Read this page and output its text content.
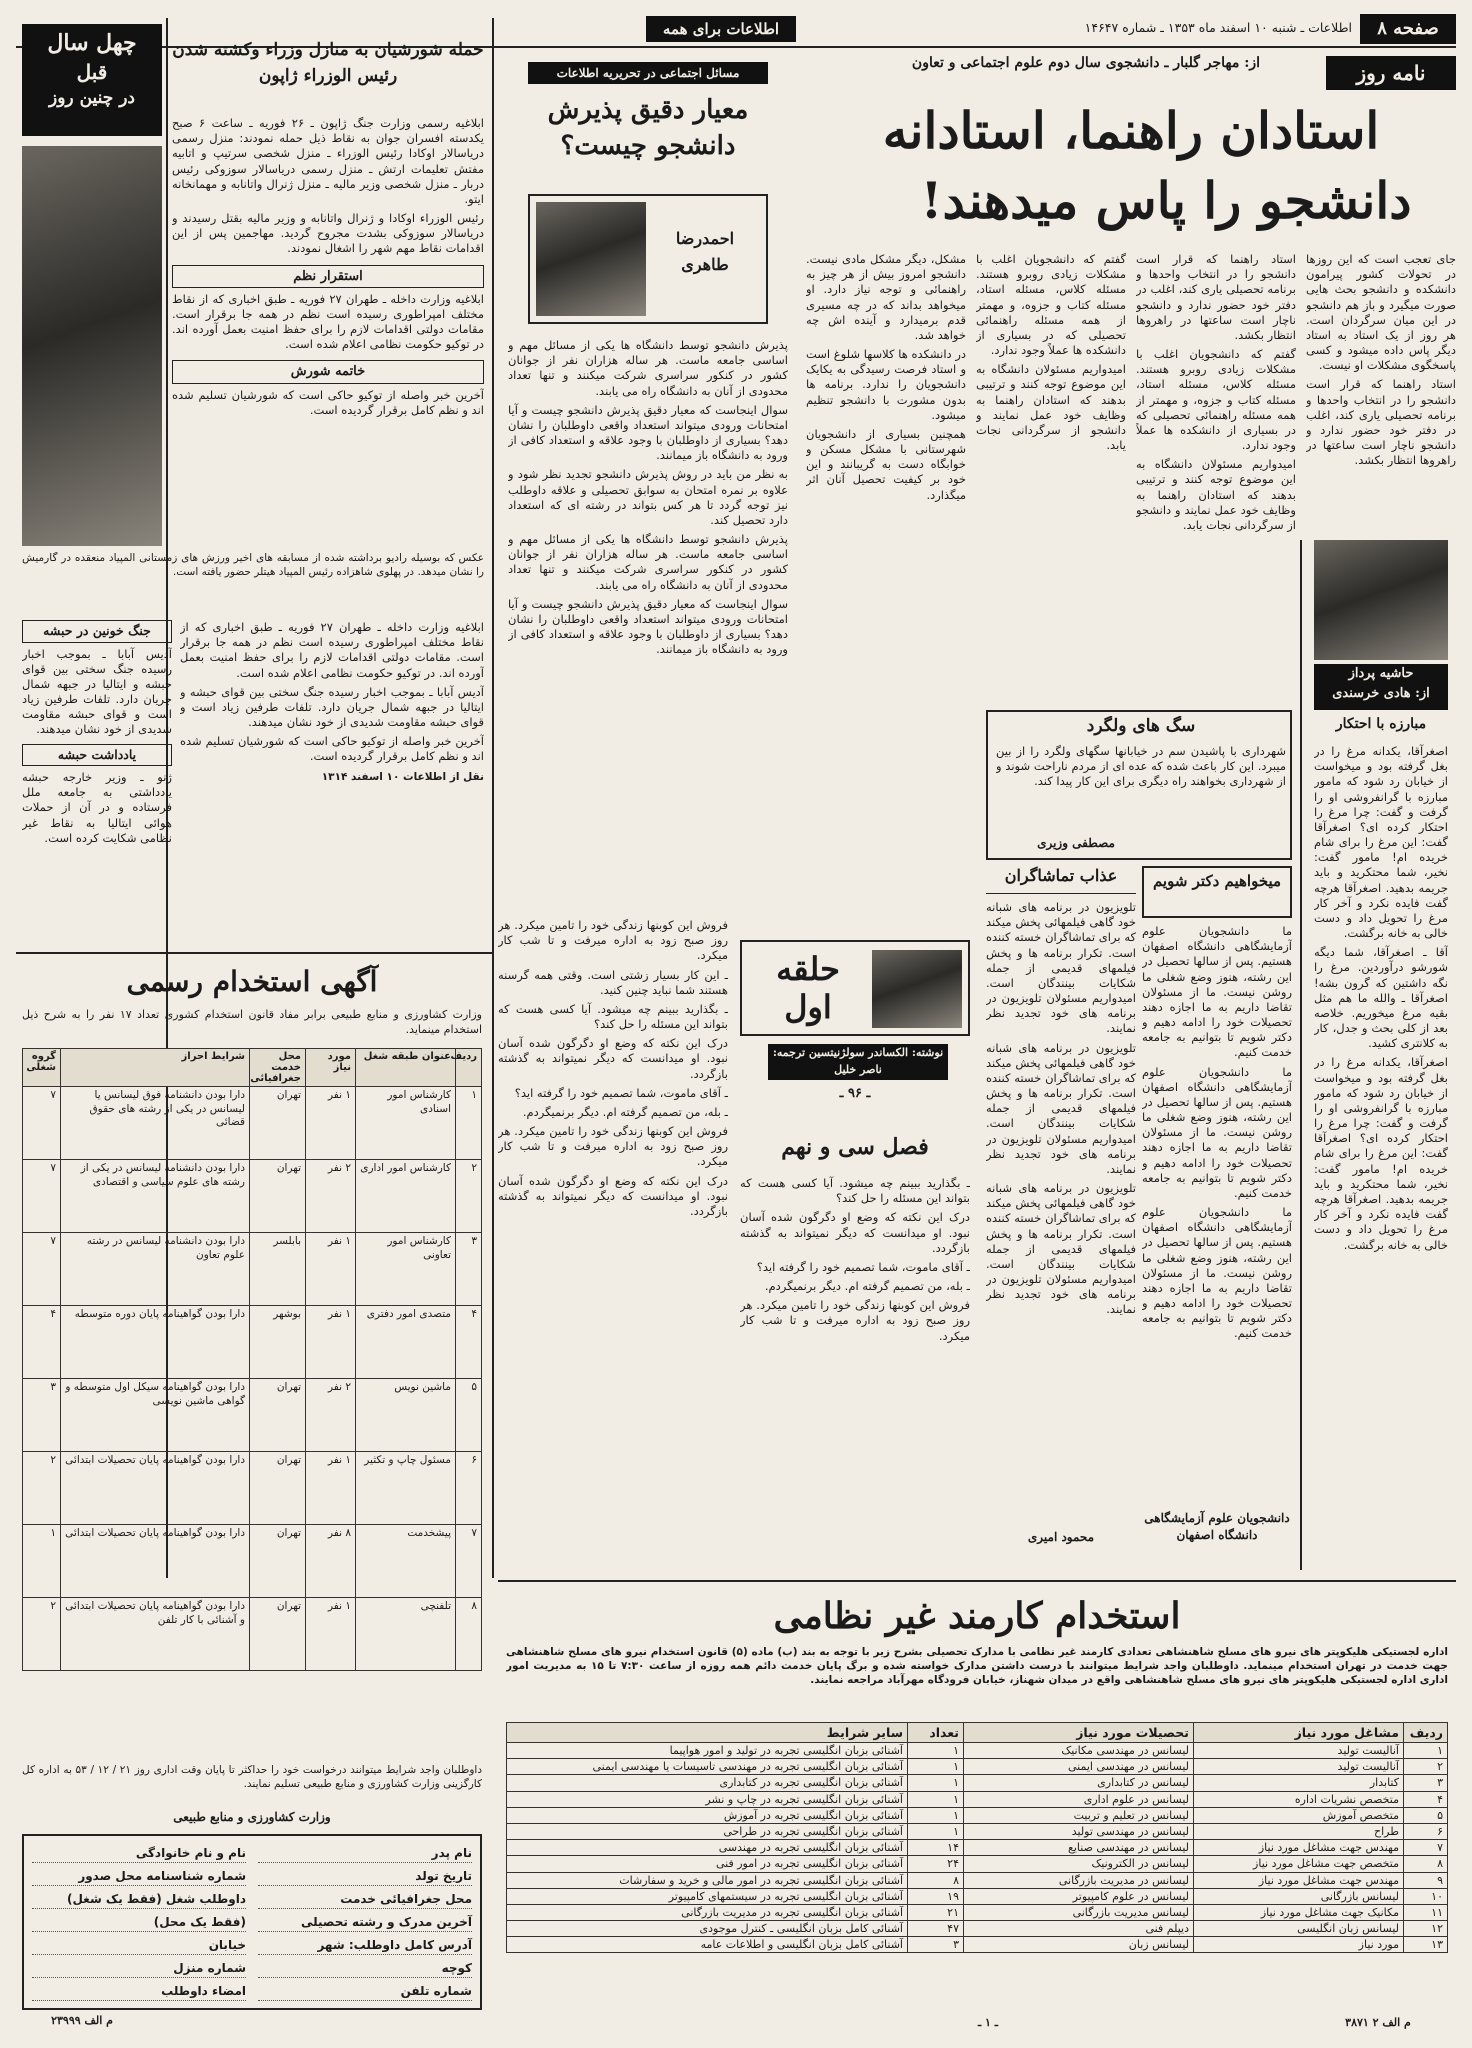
صفحه ۸
اطلاعات ـ شنبه ۱۰ اسفند ماه ۱۳۵۳ ـ شماره ۱۴۶۴۷
اطلاعات برای همه
چهل سال
قبل
در چنین روز
حمله شورشیان به منازل وزراء وکشته شدن رئیس الوزراء ژاپون

ابلاغیه رسمی وزارت جنگ ژاپون ـ ۲۶ فوریه ـ ساعت ۶ صبح یکدسته افسران جوان به نقاط ذیل حمله نمودند: منزل رسمی دریاسالار اوکادا رئیس الوزراء ـ منزل شخصی سرتیپ و اتابیه مفتش تعلیمات ارتش ـ منزل رسمی دریاسالار سوزوکی رئیس دربار ـ منزل شخصی وزیر مالیه ـ منزل ژنرال واتانابه و مهمانخانه ایتو.

رئیس الوزراء اوکادا و ژنرال واتانابه و وزیر مالیه بقتل رسیدند و دریاسالار سوزوکی بشدت مجروح گردید. مهاجمین پس از این اقدامات نقاط مهم شهر را اشغال نمودند.

استقرار نظم

ابلاغیه وزارت داخله ـ طهران ۲۷ فوریه ـ طبق اخباری که از نقاط مختلف امپراطوری رسیده است نظم در همه جا برقرار است. مقامات دولتی اقدامات لازم را برای حفظ امنیت بعمل آورده اند. در توکیو حکومت نظامی اعلام شده است.

خاتمه شورش

آخرین خبر واصله از توکیو حاکی است که شورشیان تسلیم شده اند و نظم کامل برقرار گردیده است.

عکس که بوسیله رادیو برداشته شده از مسابقه های اخیر ورزش های زمستانی المپیاد منعقده در گارمیش را نشان میدهد. در پهلوی شاهزاده رئیس المپیاد هیتلر حضور یافته است.
جنگ خونین در حبشه

آدیس آبابا ـ بموجب اخبار رسیده جنگ سختی بین قوای حبشه و ایتالیا در جبهه شمال جریان دارد. تلفات طرفین زیاد است و قوای حبشه مقاومت شدیدی از خود نشان میدهند.

یادداشت حبشه

ژنو ـ وزیر خارجه حبشه یادداشتی به جامعه ملل فرستاده و در آن از حملات هوائی ایتالیا به نقاط غیر نظامی شکایت کرده است.

ابلاغیه وزارت داخله ـ طهران ۲۷ فوریه ـ طبق اخباری که از نقاط مختلف امپراطوری رسیده است نظم در همه جا برقرار است. مقامات دولتی اقدامات لازم را برای حفظ امنیت بعمل آورده اند. در توکیو حکومت نظامی اعلام شده است.

آدیس آبابا ـ بموجب اخبار رسیده جنگ سختی بین قوای حبشه و ایتالیا در جبهه شمال جریان دارد. تلفات طرفین زیاد است و قوای حبشه مقاومت شدیدی از خود نشان میدهند.

آخرین خبر واصله از توکیو حاکی است که شورشیان تسلیم شده اند و نظم کامل برقرار گردیده است.

نقل از اطلاعات ۱۰ اسفند ۱۳۱۴
مسائل اجتماعی در تحریریه اطلاعات
معیار دقیق پذیرش دانشجو چیست؟
احمدرضا طاهری

پذیرش دانشجو توسط دانشگاه ها یکی از مسائل مهم و اساسی جامعه ماست. هر ساله هزاران نفر از جوانان کشور در کنکور سراسری شرکت میکنند و تنها تعداد محدودی از آنان به دانشگاه راه می یابند.

سوال اینجاست که معیار دقیق پذیرش دانشجو چیست و آیا امتحانات ورودی میتواند استعداد واقعی داوطلبان را نشان دهد؟ بسیاری از داوطلبان با وجود علاقه و استعداد کافی از ورود به دانشگاه باز میمانند.

به نظر من باید در روش پذیرش دانشجو تجدید نظر شود و علاوه بر نمره امتحان به سوابق تحصیلی و علاقه داوطلب نیز توجه گردد تا هر کس بتواند در رشته ای که استعداد دارد تحصیل کند.

پذیرش دانشجو توسط دانشگاه ها یکی از مسائل مهم و اساسی جامعه ماست. هر ساله هزاران نفر از جوانان کشور در کنکور سراسری شرکت میکنند و تنها تعداد محدودی از آنان به دانشگاه راه می یابند.

سوال اینجاست که معیار دقیق پذیرش دانشجو چیست و آیا امتحانات ورودی میتواند استعداد واقعی داوطلبان را نشان دهد؟ بسیاری از داوطلبان با وجود علاقه و استعداد کافی از ورود به دانشگاه باز میمانند.

نامه روز
از: مهاجر گلبار ـ دانشجوی سال دوم علوم اجتماعی و تعاون
استادان راهنما، استادانه
دانشجو را پاس میدهند!

جای تعجب است که این روزها در تحولات کشور پیرامون دانشکده و دانشجو بحث هایی صورت میگیرد و باز هم دانشجو در این میان سرگردان است. هر روز از یک استاد به استاد دیگر پاس داده میشود و کسی پاسخگوی مشکلات او نیست.

استاد راهنما که قرار است دانشجو را در انتخاب واحدها و برنامه تحصیلی یاری کند، اغلب در دفتر خود حضور ندارد و دانشجو ناچار است ساعتها در راهروها انتظار بکشد.

استاد راهنما که قرار است دانشجو را در انتخاب واحدها و برنامه تحصیلی یاری کند، اغلب در دفتر خود حضور ندارد و دانشجو ناچار است ساعتها در راهروها انتظار بکشد.

گفتم که دانشجویان اغلب با مشکلات زیادی روبرو هستند. مسئله کلاس، مسئله استاد، مسئله کتاب و جزوه، و مهمتر از همه مسئله راهنمائی تحصیلی که در بسیاری از دانشکده ها عملاً وجود ندارد.

امیدواریم مسئولان دانشگاه به این موضوع توجه کنند و ترتیبی بدهند که استادان راهنما به وظایف خود عمل نمایند و دانشجو از سرگردانی نجات یابد.

گفتم که دانشجویان اغلب با مشکلات زیادی روبرو هستند. مسئله کلاس، مسئله استاد، مسئله کتاب و جزوه، و مهمتر از همه مسئله راهنمائی تحصیلی که در بسیاری از دانشکده ها عملاً وجود ندارد.

امیدواریم مسئولان دانشگاه به این موضوع توجه کنند و ترتیبی بدهند که استادان راهنما به وظایف خود عمل نمایند و دانشجو از سرگردانی نجات یابد.

مشکل، دیگر مشکل مادی نیست. دانشجو امروز بیش از هر چیز به راهنمائی و توجه نیاز دارد. او میخواهد بداند که در چه مسیری قدم برمیدارد و آینده اش چه خواهد شد.

در دانشکده ها کلاسها شلوغ است و استاد فرصت رسیدگی به یکایک دانشجویان را ندارد. برنامه ها بدون مشورت با دانشجو تنظیم میشود.

همچنین بسیاری از دانشجویان شهرستانی با مشکل مسکن و خوابگاه دست به گریبانند و این خود بر کیفیت تحصیل آنان اثر میگذارد.

حاشیه پرداز
از: هادی خرسندی
مبارزه با احتکار

اصغرآقا، یکدانه مرغ را در بغل گرفته بود و میخواست از خیابان رد شود که مامور مبارزه با گرانفروشی او را گرفت و گفت: چرا مرغ را احتکار کرده ای؟ اصغرآقا گفت: این مرغ را برای شام خریده ام! مامور گفت: نخیر، شما محتکرید و باید جریمه بدهید. اصغرآقا هرچه گفت فایده نکرد و آخر کار مرغ را تحویل داد و دست خالی به خانه برگشت.

آقا ـ اصغرآقا، شما دیگه شورشو درآوردین. مرغ را نگه داشتین که گرون بشه! اصغرآقا ـ والله ما هم مثل بقیه مرغ میخوریم. خلاصه بعد از کلی بحث و جدل، کار به کلانتری کشید.

اصغرآقا، یکدانه مرغ را در بغل گرفته بود و میخواست از خیابان رد شود که مامور مبارزه با گرانفروشی او را گرفت و گفت: چرا مرغ را احتکار کرده ای؟ اصغرآقا گفت: این مرغ را برای شام خریده ام! مامور گفت: نخیر، شما محتکرید و باید جریمه بدهید. اصغرآقا هرچه گفت فایده نکرد و آخر کار مرغ را تحویل داد و دست خالی به خانه برگشت.

سگ های ولگرد
شهرداری با پاشیدن سم در خیابانها سگهای ولگرد را از بین میبرد. این کار باعث شده که عده ای از مردم ناراحت شوند و از شهرداری بخواهند راه دیگری برای این کار پیدا کند.
مصطفی وزیری
عذاب تماشاگران

تلویزیون در برنامه های شبانه خود گاهی فیلمهائی پخش میکند که برای تماشاگران خسته کننده است. تکرار برنامه ها و پخش فیلمهای قدیمی از جمله شکایات بینندگان است. امیدواریم مسئولان تلویزیون در برنامه های خود تجدید نظر نمایند.

تلویزیون در برنامه های شبانه خود گاهی فیلمهائی پخش میکند که برای تماشاگران خسته کننده است. تکرار برنامه ها و پخش فیلمهای قدیمی از جمله شکایات بینندگان است. امیدواریم مسئولان تلویزیون در برنامه های خود تجدید نظر نمایند.

تلویزیون در برنامه های شبانه خود گاهی فیلمهائی پخش میکند که برای تماشاگران خسته کننده است. تکرار برنامه ها و پخش فیلمهای قدیمی از جمله شکایات بینندگان است. امیدواریم مسئولان تلویزیون در برنامه های خود تجدید نظر نمایند.

محمود امیری
میخواهیم دکتر شویم

ما دانشجویان علوم آزمایشگاهی دانشگاه اصفهان هستیم. پس از سالها تحصیل در این رشته، هنوز وضع شغلی ما روشن نیست. ما از مسئولان تقاضا داریم به ما اجازه دهند تحصیلات خود را ادامه دهیم و دکتر شویم تا بتوانیم به جامعه خدمت کنیم.

ما دانشجویان علوم آزمایشگاهی دانشگاه اصفهان هستیم. پس از سالها تحصیل در این رشته، هنوز وضع شغلی ما روشن نیست. ما از مسئولان تقاضا داریم به ما اجازه دهند تحصیلات خود را ادامه دهیم و دکتر شویم تا بتوانیم به جامعه خدمت کنیم.

ما دانشجویان علوم آزمایشگاهی دانشگاه اصفهان هستیم. پس از سالها تحصیل در این رشته، هنوز وضع شغلی ما روشن نیست. ما از مسئولان تقاضا داریم به ما اجازه دهند تحصیلات خود را ادامه دهیم و دکتر شویم تا بتوانیم به جامعه خدمت کنیم.

دانشجویان علوم آزمایشگاهی دانشگاه اصفهان

فروش این کوبنها زندگی خود را تامین میکرد. هر روز صبح زود به اداره میرفت و تا شب کار میکرد.

ـ این کار بسیار زشتی است. وقتی همه گرسنه هستند شما نباید چنین کنید.

ـ بگذارید ببینم چه میشود. آیا کسی هست که بتواند این مسئله را حل کند؟

درک این نکته که وضع او دگرگون شده آسان نبود. او میدانست که دیگر نمیتواند به گذشته بازگردد.

ـ آقای ماموت، شما تصمیم خود را گرفته اید؟

ـ بله، من تصمیم گرفته ام. دیگر برنمیگردم.

فروش این کوبنها زندگی خود را تامین میکرد. هر روز صبح زود به اداره میرفت و تا شب کار میکرد.

درک این نکته که وضع او دگرگون شده آسان نبود. او میدانست که دیگر نمیتواند به گذشته بازگردد.

حلقه اول
نوشته: الکساندر سولژنیتسین ترجمه: ناصر خلیل
ـ ۹۶ ـ
فصل سی و نهم

ـ بگذارید ببینم چه میشود. آیا کسی هست که بتواند این مسئله را حل کند؟

درک این نکته که وضع او دگرگون شده آسان نبود. او میدانست که دیگر نمیتواند به گذشته بازگردد.

ـ آقای ماموت، شما تصمیم خود را گرفته اید؟

ـ بله، من تصمیم گرفته ام. دیگر برنمیگردم.

فروش این کوبنها زندگی خود را تامین میکرد. هر روز صبح زود به اداره میرفت و تا شب کار میکرد.

آگهی استخدام رسمی
وزارت کشاورزی و منابع طبیعی برابر مفاد قانون استخدام کشوری تعداد ۱۷ نفر را به شرح ذیل استخدام مینماید.
ردیف	عنوان طبقه شغل	مورد نیاز	محل خدمت جغرافیائی	شرایط احراز	گروه شغلی
۱	کارشناس امور اسنادی	۱ نفر	تهران	دارا بودن دانشنامه فوق لیسانس یا لیسانس در یکی از رشته های حقوق قضائی	۷
۲	کارشناس امور اداری	۲ نفر	تهران	دارا بودن دانشنامه لیسانس در یکی از رشته های علوم سیاسی و اقتصادی	۷
۳	کارشناس امور تعاونی	۱ نفر	بابلسر	دارا بودن دانشنامه لیسانس در رشته علوم تعاون	۷
۴	متصدی امور دفتری	۱ نفر	بوشهر	دارا بودن گواهینامه پایان دوره متوسطه	۴
۵	ماشین نویس	۲ نفر	تهران	دارا بودن گواهینامه سیکل اول متوسطه و گواهی ماشین نویسی	۳
۶	مسئول چاپ و تکثیر	۱ نفر	تهران	دارا بودن گواهینامه پایان تحصیلات ابتدائی	۲
۷	پیشخدمت	۸ نفر	تهران	دارا بودن گواهینامه پایان تحصیلات ابتدائی	۱
۸	تلفنچی	۱ نفر	تهران	دارا بودن گواهینامه پایان تحصیلات ابتدائی و آشنائی با کار تلفن	۲
داوطلبان واجد شرایط میتوانند درخواست خود را حداکثر تا پایان وقت اداری روز ۲۱ / ۱۲ / ۵۳ به اداره کل کارگزینی وزارت کشاورزی و منابع طبیعی تسلیم نمایند.
وزارت کشاورزی و منابع طبیعی
نام پدر
نام و نام خانوادگی
تاریخ تولد
شماره شناسنامه محل صدور
محل جغرافیائی خدمت
داوطلب شغل (فقط یک شغل)
آخرین مدرک و رشته تحصیلی
(فقط یک محل)
آدرس کامل داوطلب: شهر
خیابان
کوچه
شماره منزل
شماره تلفن
امضاء داوطلب
م الف ۲۳۹۹۹
استخدام کارمند غیر نظامی
اداره لجستیکی هلیکوپتر های نیرو های مسلح شاهنشاهی تعدادی کارمند غیر نظامی با مدارک تحصیلی بشرح زیر با توجه به بند (ب) ماده (۵) قانون استخدام نیرو های مسلح شاهنشاهی جهت خدمت در تهران استخدام مینماید. داوطلبان واجد شرایط میتوانند با درست داشتن مدارک خواسته شده و برگ پایان خدمت دائم همه روزه از ساعت ۷:۳۰ تا ۱۵ به مدیریت امور اداری اداره لجستیکی هلیکوپتر های نیرو های مسلح شاهنشاهی واقع در میدان شهناز، خیابان فرودگاه مهرآباد مراجعه نمایند.
ردیف	مشاغل مورد نیاز	تحصیلات مورد نیاز	تعداد	سایر شرایط
۱	آنالیست تولید	لیسانس در مهندسی مکانیک	۱	آشنائی بزبان انگلیسی تجربه در تولید و امور هواپیما
۲	آنالیست تولید	لیسانس در مهندسی ایمنی	۱	آشنائی بزبان انگلیسی تجربه در مهندسی تاسیسات یا مهندسی ایمنی
۳	کتابدار	لیسانس در کتابداری	۱	آشنائی بزبان انگلیسی تجربه در کتابداری
۴	متخصص نشریات اداره	لیسانس در علوم اداری	۱	آشنائی بزبان انگلیسی تجربه در چاپ و نشر
۵	متخصص آموزش	لیسانس در تعلیم و تربیت	۱	آشنائی بزبان انگلیسی تجربه در آموزش
۶	طراح	لیسانس در مهندسی تولید	۱	آشنائی بزبان انگلیسی تجربه در طراحی
۷	مهندس جهت مشاغل مورد نیاز	لیسانس در مهندسی صنایع	۱۴	آشنائی بزبان انگلیسی تجربه در مهندسی
۸	متخصص جهت مشاغل مورد نیاز	لیسانس در الکترونیک	۲۴	آشنائی بزبان انگلیسی تجربه در امور فنی
۹	مهندس جهت مشاغل مورد نیاز	لیسانس در مدیریت بازرگانی	۸	آشنائی بزبان انگلیسی تجربه در امور مالی و خرید و سفارشات
۱۰	لیسانس بازرگانی	لیسانس در علوم کامپیوتر	۱۹	آشنائی بزبان انگلیسی تجربه در سیستمهای کامپیوتر
۱۱	مکانیک جهت مشاغل مورد نیاز	لیسانس مدیریت بازرگانی	۲۱	آشنائی بزبان انگلیسی تجربه در مدیریت بازرگانی
۱۲	لیسانس زبان انگلیسی	دیپلم فنی	۴۷	آشنائی کامل بزبان انگلیسی ـ کنترل موجودی
۱۳	مورد نیاز	لیسانس زبان	۳	آشنائی کامل بزبان انگلیسی و اطلاعات عامه
م الف ۲ ۳۸۷۱
ـ ۱ ـ
